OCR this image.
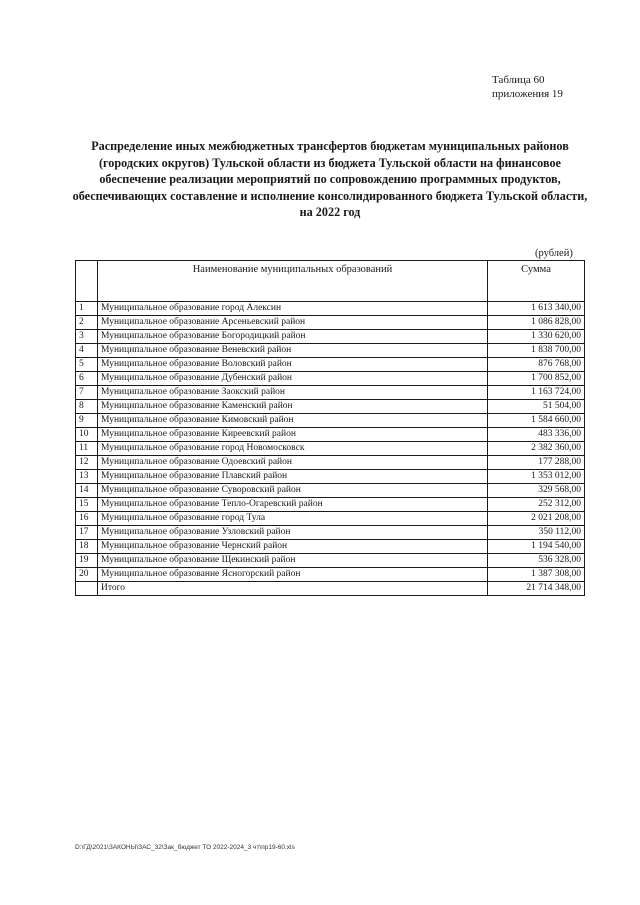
Таблица 60
приложения 19
Распределение иных межбюджетных трансфертов бюджетам муниципальных районов (городских округов) Тульской области из бюджета Тульской области на финансовое обеспечение реализации мероприятий по сопровождению программных продуктов, обеспечивающих составление и исполнение консолидированного бюджета Тульской области, на 2022 год
(рублей)
	Наименование муниципальных образований	Сумма
1	Муниципальное образование город Алексин	1 613 340,00
2	Муниципальное образование Арсеньевский район	1 086 828,00
3	Муниципальное образование Богородицкий район	1 330 620,00
4	Муниципальное образование Веневский район	1 838 700,00
5	Муниципальное образование Воловский район	876 768,00
6	Муниципальное образование Дубенский район	1 700 852,00
7	Муниципальное образование Заокский район	1 163 724,00
8	Муниципальное образование Каменский район	51 504,00
9	Муниципальное образование Кимовский район	1 584 660,00
10	Муниципальное образование Киреевский район	483 336,00
11	Муниципальное образование город Новомосковск	2 382 360,00
12	Муниципальное образование Одоевский район	177 288,00
13	Муниципальное образование Плавский район	1 353 012,00
14	Муниципальное образование Суворовский район	329 568,00
15	Муниципальное образование Тепло-Огаревский район	252 312,00
16	Муниципальное образование город Тула	2 021 208,00
17	Муниципальное образование Узловский район	350 112,00
18	Муниципальное образование Чернский район	1 194 540,00
19	Муниципальное образование Щекинский район	536 328,00
20	Муниципальное образование Ясногорский район	1 387 308,00
	Итого	21 714 348,00
D:\ГД\2021\ЗАКОНЫ\ЗАС_32\Зак_бюджет ТО 2022-2024_3 чт\пр19-60.xls
